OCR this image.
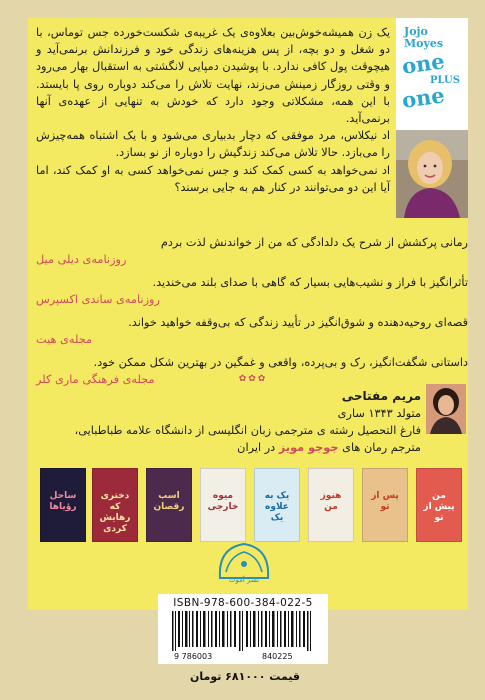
Jojo
Moyes
one
PLUS
one

یک زن همیشه‌خوش‌بین بعلاوه‌ی یک غریبه‌ی شکست‌خورده جس توماس، با دو شغل و دو بچه، از پس هزینه‌های زندگی خود و فرزندانش برنمی‌آید و هیچوقت پول کافی ندارد. با پوشیدن دمپایی لانگشتی به استقبال بهار می‌رود و وقتی روزگار زمینش می‌زند، نهایت تلاش را می‌کند دوباره روی پا بایستد. با این همه، مشکلاتی وجود دارد که خودش به تنهایی از عهده‌ی آنها برنمی‌آید.

اد نیکلاس، مرد موفقی که دچار بدبیاری می‌شود و با یک اشتباه همه‌چیزش را می‌بازد. حالا تلاش می‌کند زندگیش را دوباره از نو بسازد.

اد نمی‌خواهد به کسی کمک کند و جس نمی‌خواهد کسی به او کمک کند، اما آیا این دو می‌توانند در کنار هم به جایی برسند؟

رمانی پرکشش از شرح یک دلدادگی که من از خواندنش لذت بردم
روزنامه‌ی دیلی میل
تأثرانگیز با فراز و نشیب‌هایی بسیار که گاهی با صدای بلند می‌خندید.
روزنامه‌ی ساندی اکسپرس
قصه‌ای روحیه‌دهنده و شوق‌انگیز در تأیید زندگی که بی‌وقفه خواهید خواند.
مجله‌ی هیت
داستانی شگفت‌انگیز، رک و بی‌پرده، واقعی و غمگین در بهترین شکل ممکن خود.
مجله‌ی فرهنگی ماری کلر	✿✿✿
مریم مفتاحی
متولد ۱۳۴۳ ساری
فارغ التحصیل رشته ی مترجمی زبان انگلیسی از دانشگاه علامه طباطبایی،
مترجم رمان های جوجو مویز در ایران
من پیش از تو
پس از تو
هنوز من
یک به علاوه یک
میوه خارجی
اسب رقصان
دختری که رهایش کردی
ساحل رؤیاها
نشر آموت
ISBN-978-600-384-022-5
9 786003	840225
قیمت ۶۸۱۰۰۰ تومان
